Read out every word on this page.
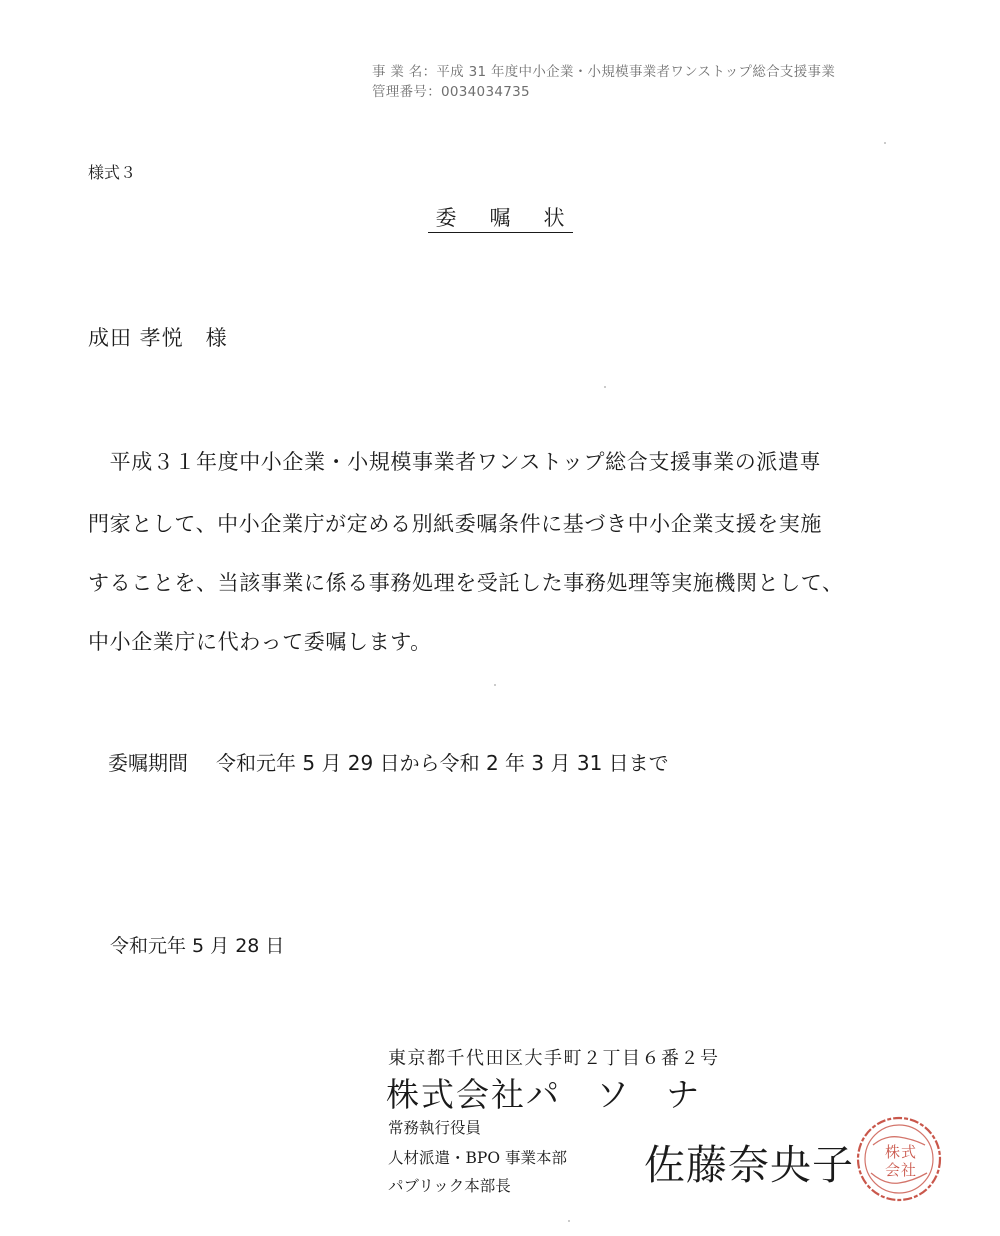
事 業 名：平成 31 年度中小企業・小規模事業者ワンストップ総合支援事業
管理番号：0034034735
様式３
委　嘱　状
成田 孝悦　様
　平成３１年度中小企業・小規模事業者ワンストップ総合支援事業の派遣専
門家として、中小企業庁が定める別紙委嘱条件に基づき中小企業支援を実施
することを、当該事業に係る事務処理を受託した事務処理等実施機関として、
中小企業庁に代わって委嘱します。
委嘱期間 令和元年 5 月 29 日から令和 2 年 3 月 31 日まで
令和元年 5 月 28 日
東京都千代田区大手町２丁目６番２号
株式会社パ　ソ　ナ
常務執行役員
人材派遣・BPO 事業本部
パブリック本部長	佐藤奈央子 株 式
会 社
